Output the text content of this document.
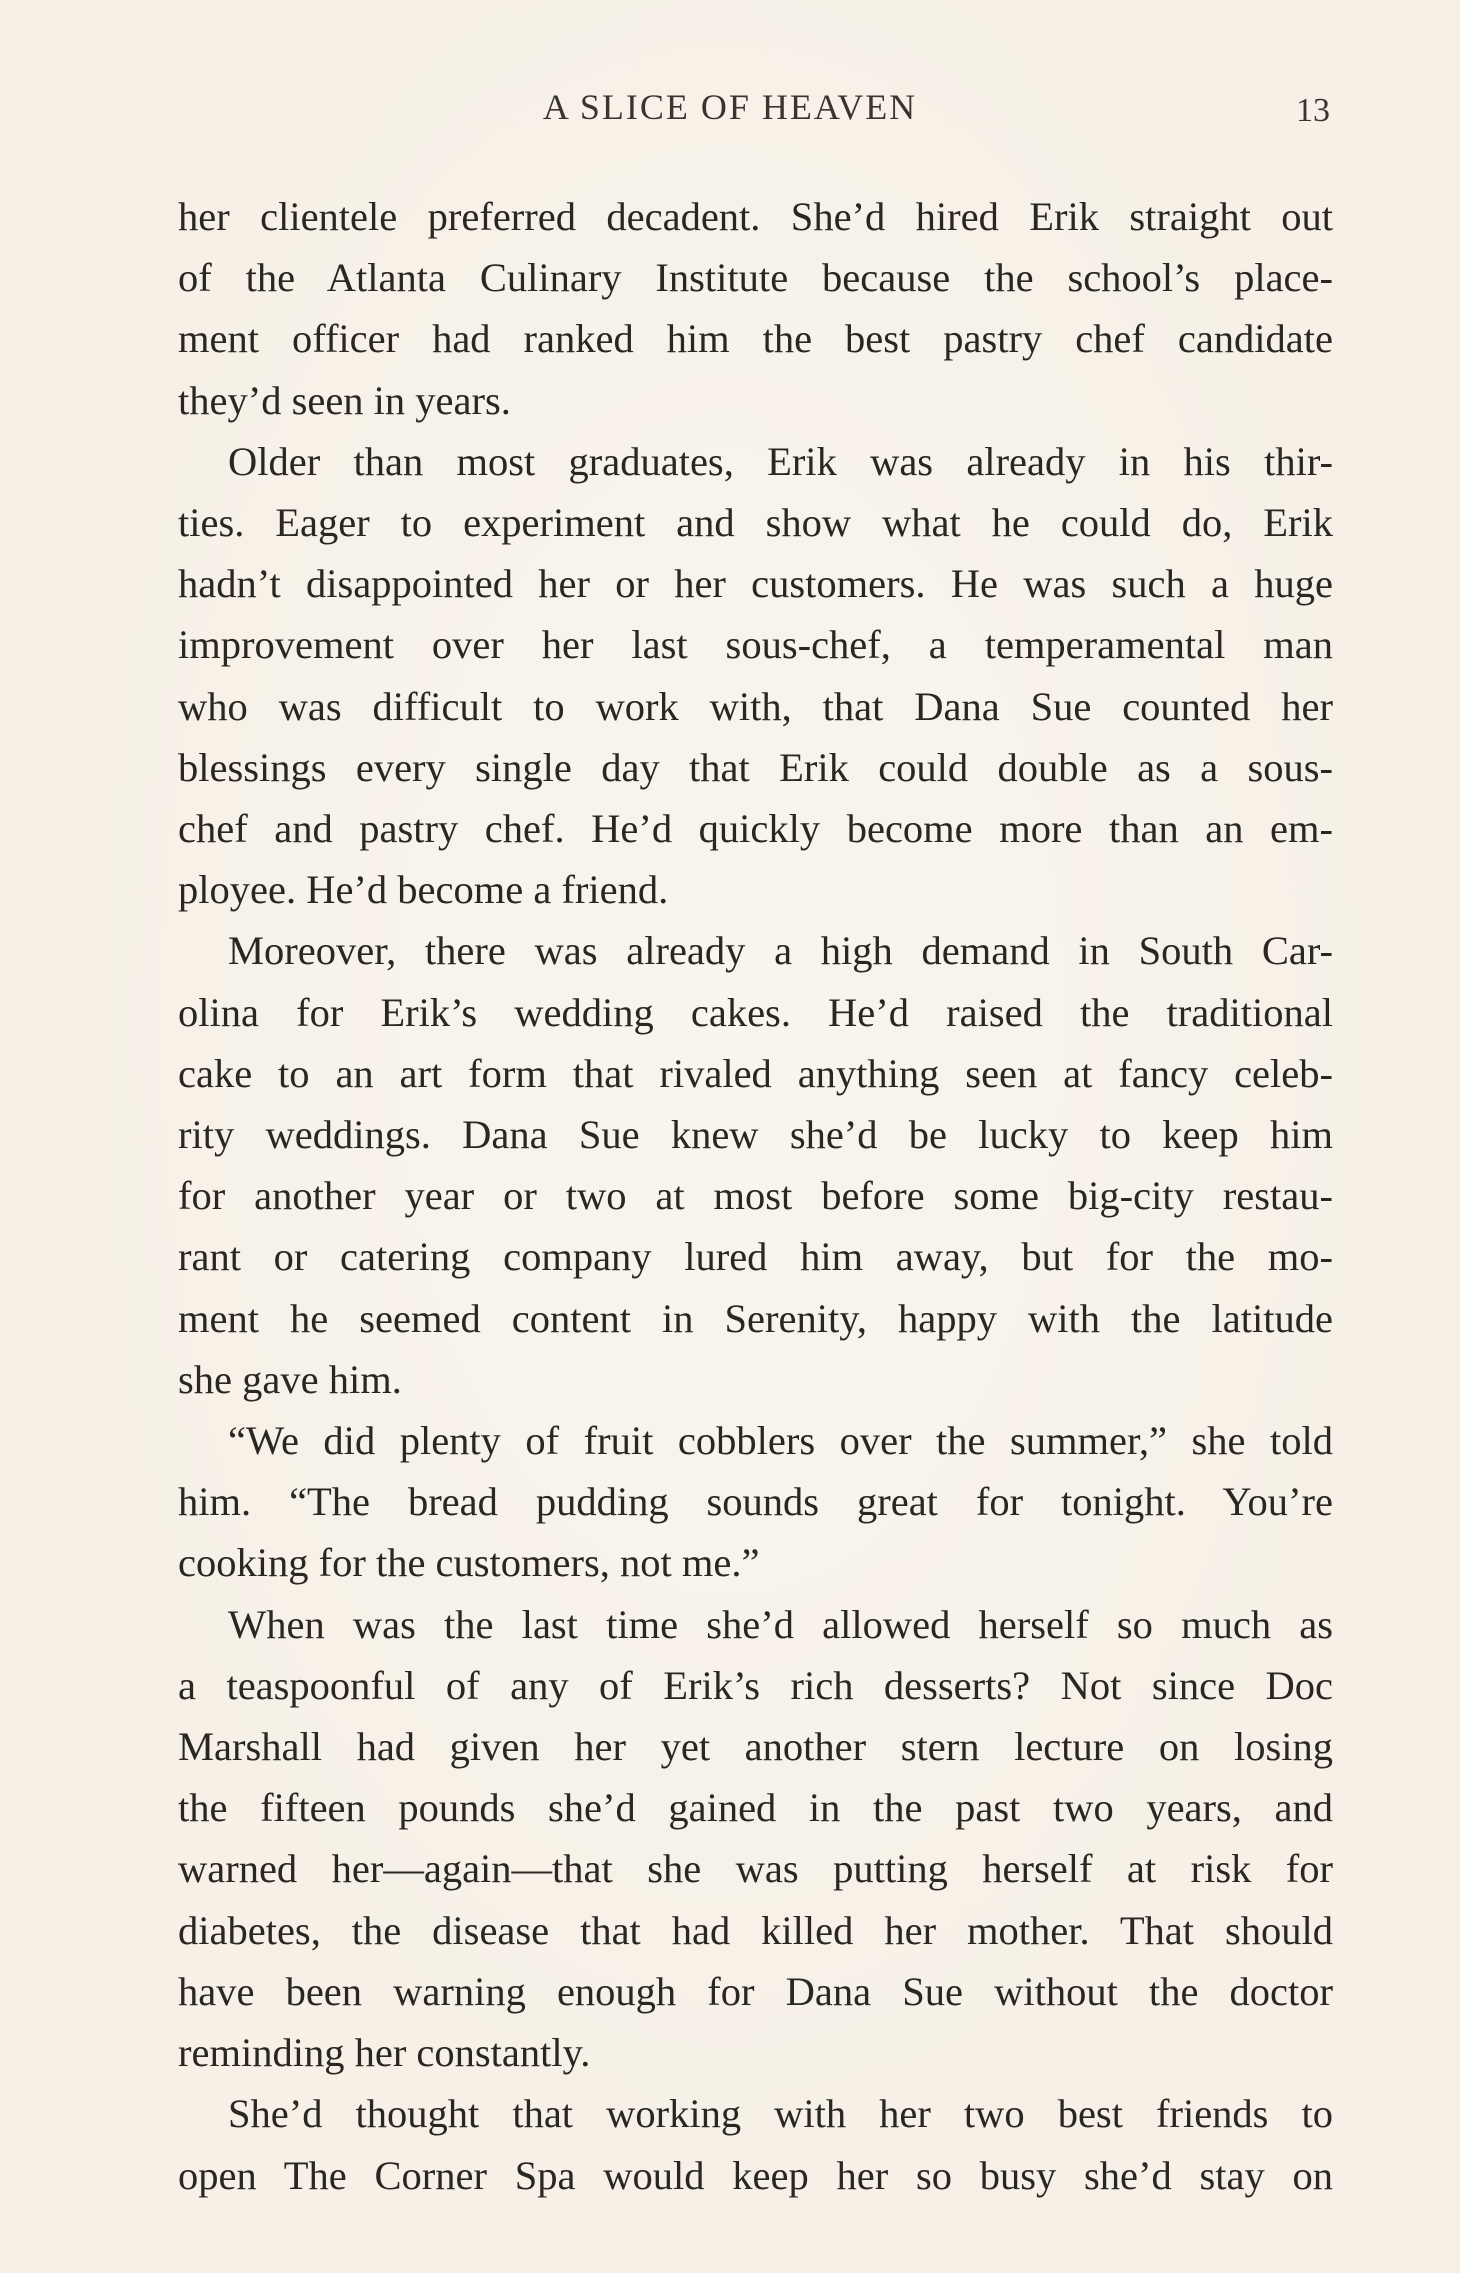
A SLICE OF HEAVEN	13

her clientele preferred decadent. She’d hired Erik straight out
of the Atlanta Culinary Institute because the school’s place-
ment officer had ranked him the best pastry chef candidate
they’d seen in years.

Older than most graduates, Erik was already in his thir-
ties. Eager to experiment and show what he could do, Erik
hadn’t disappointed her or her customers. He was such a huge
improvement over her last sous-chef, a temperamental man
who was difficult to work with, that Dana Sue counted her
blessings every single day that Erik could double as a sous-
chef and pastry chef. He’d quickly become more than an em-
ployee. He’d become a friend.

Moreover, there was already a high demand in South Car-
olina for Erik’s wedding cakes. He’d raised the traditional
cake to an art form that rivaled anything seen at fancy celeb-
rity weddings. Dana Sue knew she’d be lucky to keep him
for another year or two at most before some big-city restau-
rant or catering company lured him away, but for the mo-
ment he seemed content in Serenity, happy with the latitude
she gave him.

“We did plenty of fruit cobblers over the summer,” she told
him. “The bread pudding sounds great for tonight. You’re
cooking for the customers, not me.”

When was the last time she’d allowed herself so much as
a teaspoonful of any of Erik’s rich desserts? Not since Doc
Marshall had given her yet another stern lecture on losing
the fifteen pounds she’d gained in the past two years, and
warned her—again—that she was putting herself at risk for
diabetes, the disease that had killed her mother. That should
have been warning enough for Dana Sue without the doctor
reminding her constantly.

She’d thought that working with her two best friends to
open The Corner Spa would keep her so busy she’d stay on
